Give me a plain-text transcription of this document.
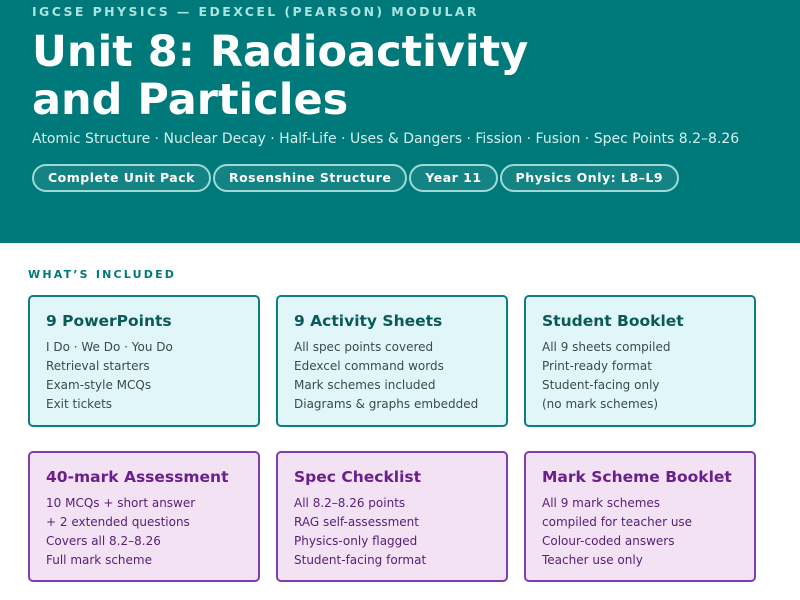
IGCSE PHYSICS — EDEXCEL (PEARSON) MODULAR
Unit 8: Radioactivity
and Particles
Atomic Structure · Nuclear Decay · Half-Life · Uses & Dangers · Fission · Fusion · Spec Points 8.2–8.26
Complete Unit Pack	Rosenshine Structure	Year 11	Physics Only: L8–L9
WHAT’S INCLUDED
9 PowerPoints
I Do · We Do · You Do
Retrieval starters
Exam-style MCQs
Exit tickets
9 Activity Sheets
All spec points covered
Edexcel command words
Mark schemes included
Diagrams & graphs embedded
Student Booklet
All 9 sheets compiled
Print-ready format
Student-facing only
(no mark schemes)
40-mark Assessment
10 MCQs + short answer
+ 2 extended questions
Covers all 8.2–8.26
Full mark scheme
Spec Checklist
All 8.2–8.26 points
RAG self-assessment
Physics-only flagged
Student-facing format
Mark Scheme Booklet
All 9 mark schemes
compiled for teacher use
Colour-coded answers
Teacher use only
